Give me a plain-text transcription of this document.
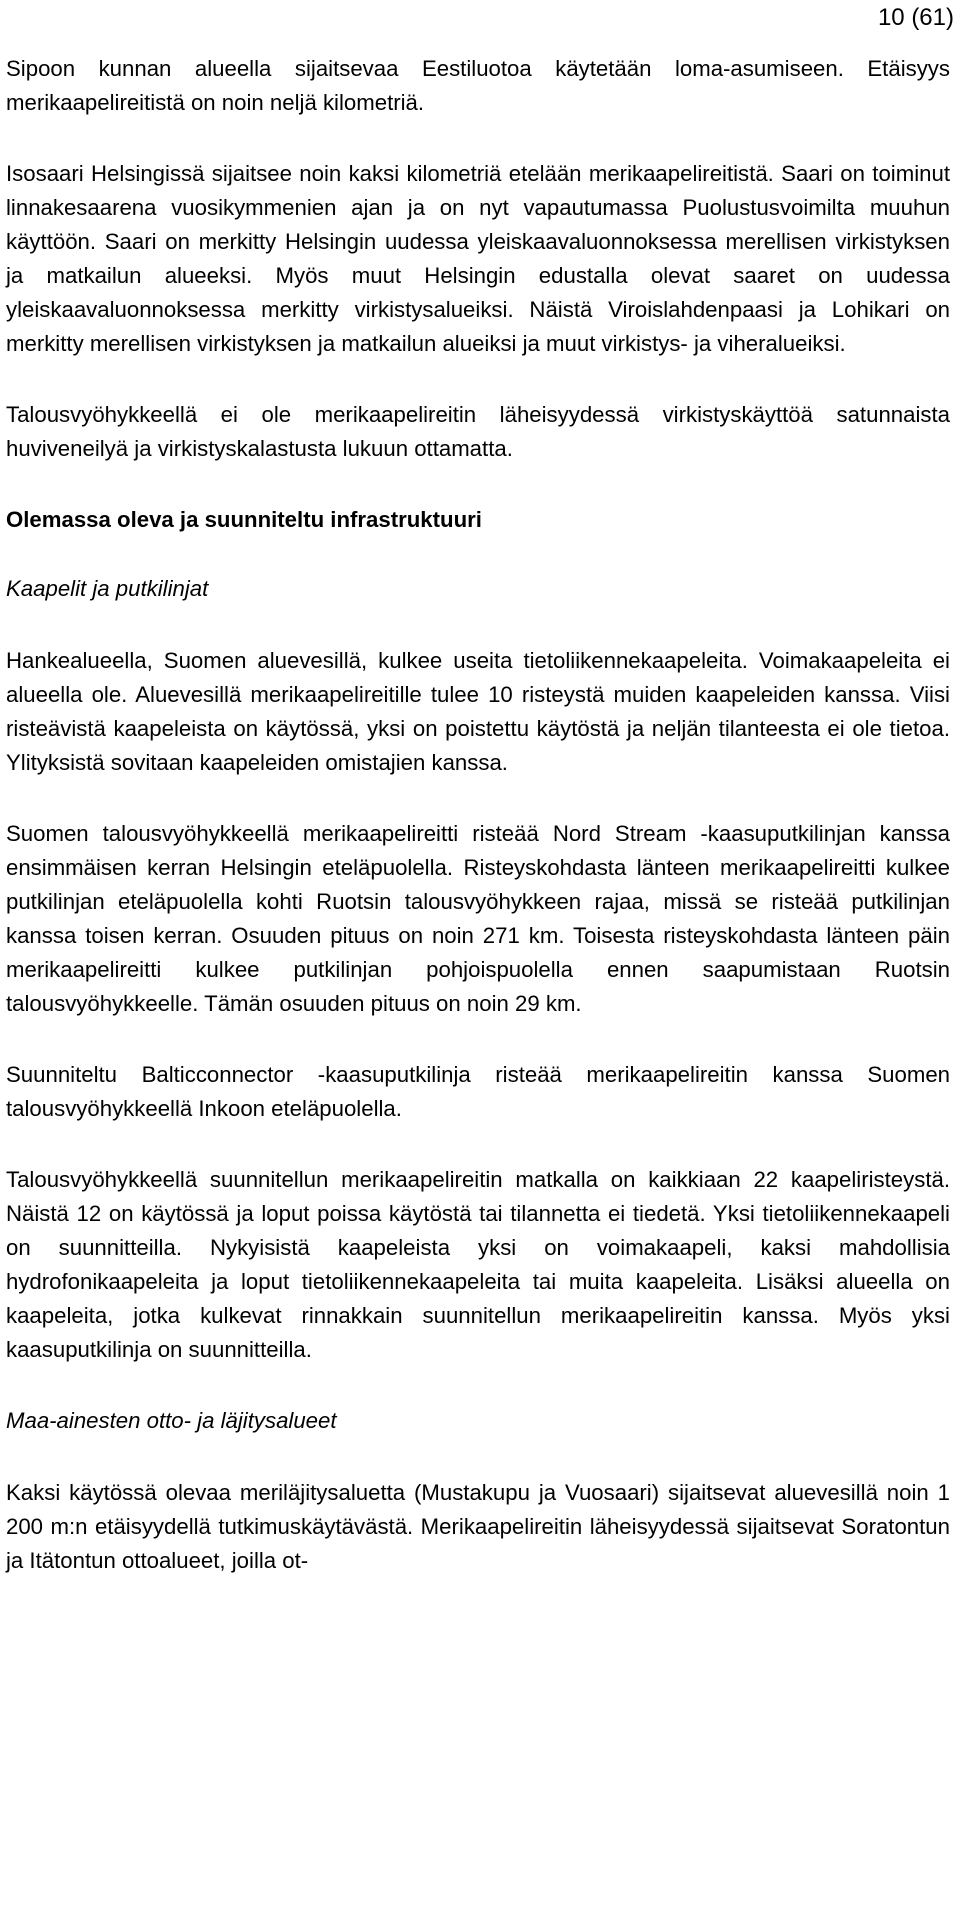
10 (61)

Sipoon kunnan alueella sijaitsevaa Eestiluotoa käytetään loma-asumiseen. Etäisyys merikaapelireitistä on noin neljä kilometriä.

Isosaari Helsingissä sijaitsee noin kaksi kilometriä etelään merikaapelireitistä. Saari on toiminut linnakesaarena vuosikymmenien ajan ja on nyt vapautumassa Puolustusvoimilta muuhun käyttöön. Saari on merkitty Helsingin uudessa yleiskaavaluonnoksessa merellisen virkistyksen ja matkailun alueeksi. Myös muut Helsingin edustalla olevat saaret on uudessa yleiskaavaluonnoksessa merkitty virkistysalueiksi. Näistä Viroislahdenpaasi ja Lohikari on merkitty merellisen virkistyksen ja matkailun alueiksi ja muut virkistys- ja viheralueiksi.

Talousvyöhykkeellä ei ole merikaapelireitin läheisyydessä virkistyskäyttöä satunnaista huviveneilyä ja virkistyskalastusta lukuun ottamatta.

Olemassa oleva ja suunniteltu infrastruktuuri

Kaapelit ja putkilinjat

Hankealueella, Suomen aluevesillä, kulkee useita tietoliikennekaapeleita. Voimakaapeleita ei alueella ole. Aluevesillä merikaapelireitille tulee 10 risteystä muiden kaapeleiden kanssa. Viisi risteävistä kaapeleista on käytössä, yksi on poistettu käytöstä ja neljän tilanteesta ei ole tietoa. Ylityksistä sovitaan kaapeleiden omistajien kanssa.

Suomen talousvyöhykkeellä merikaapelireitti risteää Nord Stream -kaasuputkilinjan kanssa ensimmäisen kerran Helsingin eteläpuolella. Risteyskohdasta länteen merikaapelireitti kulkee putkilinjan eteläpuolella kohti Ruotsin talousvyöhykkeen rajaa, missä se risteää putkilinjan kanssa toisen kerran. Osuuden pituus on noin 271 km. Toisesta risteyskohdasta länteen päin merikaapelireitti kulkee putkilinjan pohjoispuolella ennen saapumistaan Ruotsin talousvyöhykkeelle. Tämän osuuden pituus on noin 29 km.

Suunniteltu Balticconnector -kaasuputkilinja risteää merikaapelireitin kanssa Suomen talousvyöhykkeellä Inkoon eteläpuolella.

Talousvyöhykkeellä suunnitellun merikaapelireitin matkalla on kaikkiaan 22 kaapeliristeystä. Näistä 12 on käytössä ja loput poissa käytöstä tai tilannetta ei tiedetä. Yksi tietoliikennekaapeli on suunnitteilla. Nykyisistä kaapeleista yksi on voimakaapeli, kaksi mahdollisia hydrofonikaapeleita ja loput tietoliikennekaapeleita tai muita kaapeleita. Lisäksi alueella on kaapeleita, jotka kulkevat rinnakkain suunnitellun merikaapelireitin kanssa. Myös yksi kaasuputkilinja on suunnitteilla.

Maa-ainesten otto- ja läjitysalueet

Kaksi käytössä olevaa meriläjitysaluetta (Mustakupu ja Vuosaari) sijaitsevat aluevesillä noin 1 200 m:n etäisyydellä tutkimuskäytävästä. Merikaapelireitin läheisyydessä sijaitsevat Soratontun ja Itätontun ottoalueet, joilla ot-
